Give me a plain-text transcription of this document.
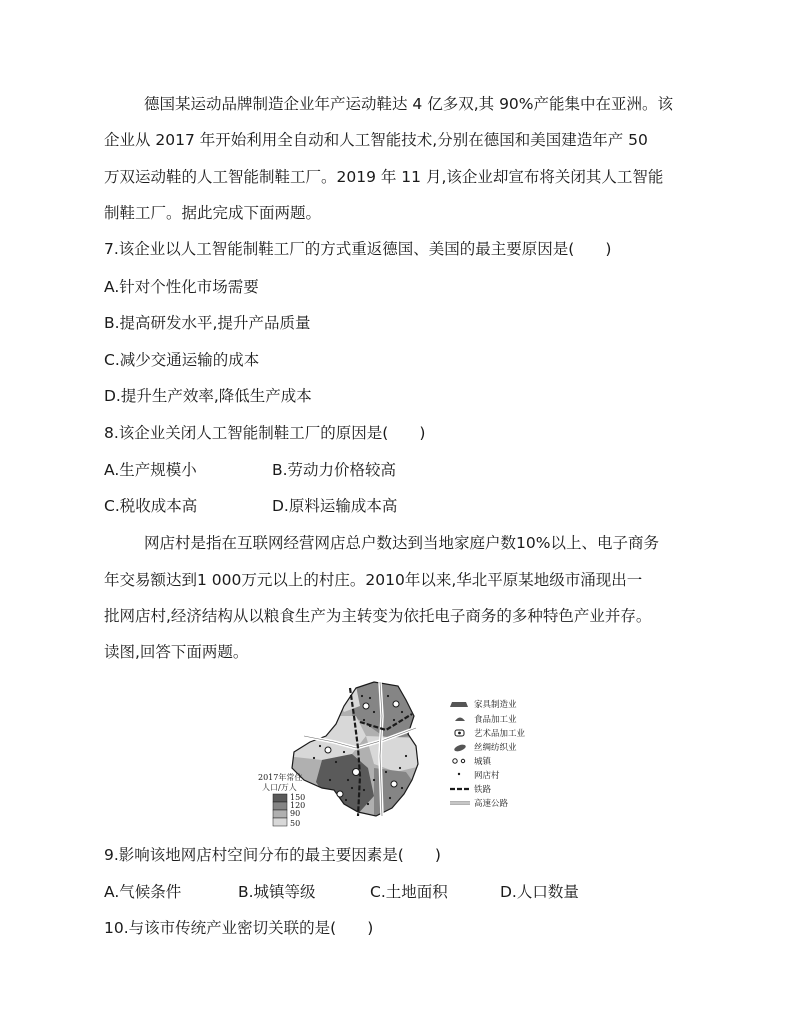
德国某运动品牌制造企业年产运动鞋达 4 亿多双,其 90%产能集中在亚洲。该
企业从 2017 年开始利用全自动和人工智能技术,分别在德国和美国建造年产 50
万双运动鞋的人工智能制鞋工厂。2019 年 11 月,该企业却宣布将关闭其人工智能
制鞋工厂。据此完成下面两题。
7.该企业以人工智能制鞋工厂的方式重返德国、美国的最主要原因是(　　)
A.针对个性化市场需要
B.提高研发水平,提升产品质量
C.减少交通运输的成本
D.提升生产效率,降低生产成本
8.该企业关闭人工智能制鞋工厂的原因是(　　)
A.生产规模小	B.劳动力价格较高
C.税收成本高	D.原料运输成本高
网店村是指在互联网经营网店总户数达到当地家庭户数10%以上、电子商务
年交易额达到1 000万元以上的村庄。2010年以来,华北平原某地级市涌现出一
批网店村,经济结构从以粮食生产为主转变为依托电子商务的多种特色产业并存。
读图,回答下面两题。
2017年常住
人口/万人
150
120
90
50
家具制造业
食品加工业
艺术品加工业
丝绸纺织业
城镇
网店村
铁路
高速公路
9.影响该地网店村空间分布的最主要因素是(　　)
A.气候条件	B.城镇等级	C.土地面积	D.人口数量
10.与该市传统产业密切关联的是(　　)
